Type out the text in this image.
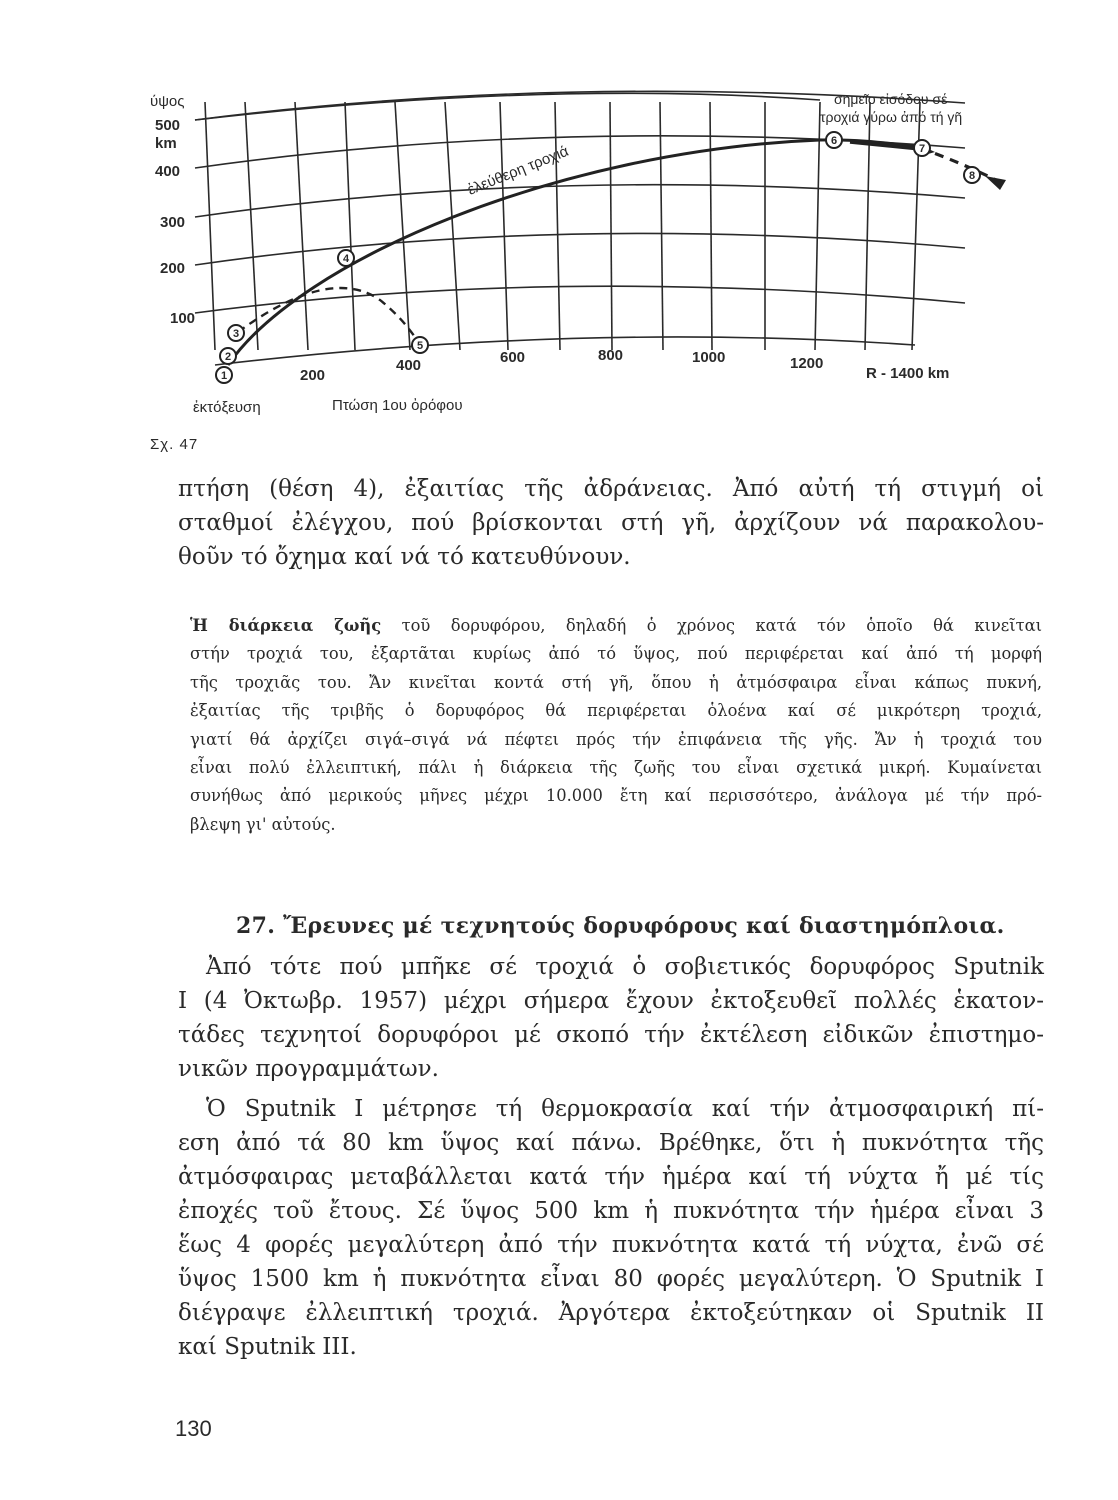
1
2
3
4
5
6
7
8
ύψος
500
km
400
300
200
100
200
400	600	800	1000	1200
R - 1400 km
ἐλεύθερη τροχιά
σημεῖο εἰσόδου σέ
τροχιά γύρω ἀπό τή γῆ
ἐκτόξευση	Πτώση 1ου ὀρόφου
Σχ. 47

πτήση (θέση 4), ἐξαιτίας τῆς ἀδράνειας. Ἀπό αὐτή τή στιγμή οἱ
σταθμοί ἐλέγχου, πού βρίσκονται στή γῆ, ἀρχίζουν νά παρακολου-
θοῦν τό ὄχημα καί νά τό κατευθύνουν.

Ἡ διάρκεια ζωῆς τοῦ δορυφόρου, δηλαδή ὁ χρόνος κατά τόν ὁποῖο θά κινεῖται
στήν τροχιά του, ἐξαρτᾶται κυρίως ἀπό τό ὕψος, πού περιφέρεται καί ἀπό τή μορφή
τῆς τροχιᾶς του. Ἄν κινεῖται κοντά στή γῆ, ὅπου ἡ ἀτμόσφαιρα εἶναι κάπως πυκνή,
ἐξαιτίας τῆς τριβῆς ὁ δορυφόρος θά περιφέρεται ὁλοένα καί σέ μικρότερη τροχιά,
γιατί θά ἀρχίζει σιγά–σιγά νά πέφτει πρός τήν ἐπιφάνεια τῆς γῆς. Ἄν ἡ τροχιά του
εἶναι πολύ ἐλλειπτική, πάλι ἡ διάρκεια τῆς ζωῆς του εἶναι σχετικά μικρή. Κυμαίνεται
συνήθως ἀπό μερικούς μῆνες μέχρι 10.000 ἔτη καί περισσότερο, ἀνάλογα μέ τήν πρό-
βλεψη γι' αὐτούς.

27. Ἔρευνες μέ τεχνητούς δορυφόρους καί διαστημόπλοια.

Ἀπό τότε πού μπῆκε σέ τροχιά ὁ σοβιετικός δορυφόρος Sputnik
I (4 Ὀκτωβρ. 1957) μέχρι σήμερα ἔχουν ἐκτοξευθεῖ πολλές ἑκατον-
τάδες τεχνητοί δορυφόροι μέ σκοπό τήν ἐκτέλεση εἰδικῶν ἐπιστημο-
νικῶν προγραμμάτων.

Ὁ Sputnik I μέτρησε τή θερμοκρασία καί τήν ἀτμοσφαιρική πί-
εση ἀπό τά 80 km ὕψος καί πάνω. Βρέθηκε, ὅτι ἡ πυκνότητα τῆς
ἀτμόσφαιρας μεταβάλλεται κατά τήν ἡμέρα καί τή νύχτα ἤ μέ τίς
ἐποχές τοῦ ἔτους. Σέ ὕψος 500 km ἡ πυκνότητα τήν ἡμέρα εἶναι 3
ἕως 4 φορές μεγαλύτερη ἀπό τήν πυκνότητα κατά τή νύχτα, ἐνῶ σέ
ὕψος 1500 km ἡ πυκνότητα εἶναι 80 φορές μεγαλύτερη. Ὁ Sputnik I
διέγραψε ἐλλειπτική τροχιά. Ἀργότερα ἐκτοξεύτηκαν οἱ Sputnik II
καί Sputnik III.

130
